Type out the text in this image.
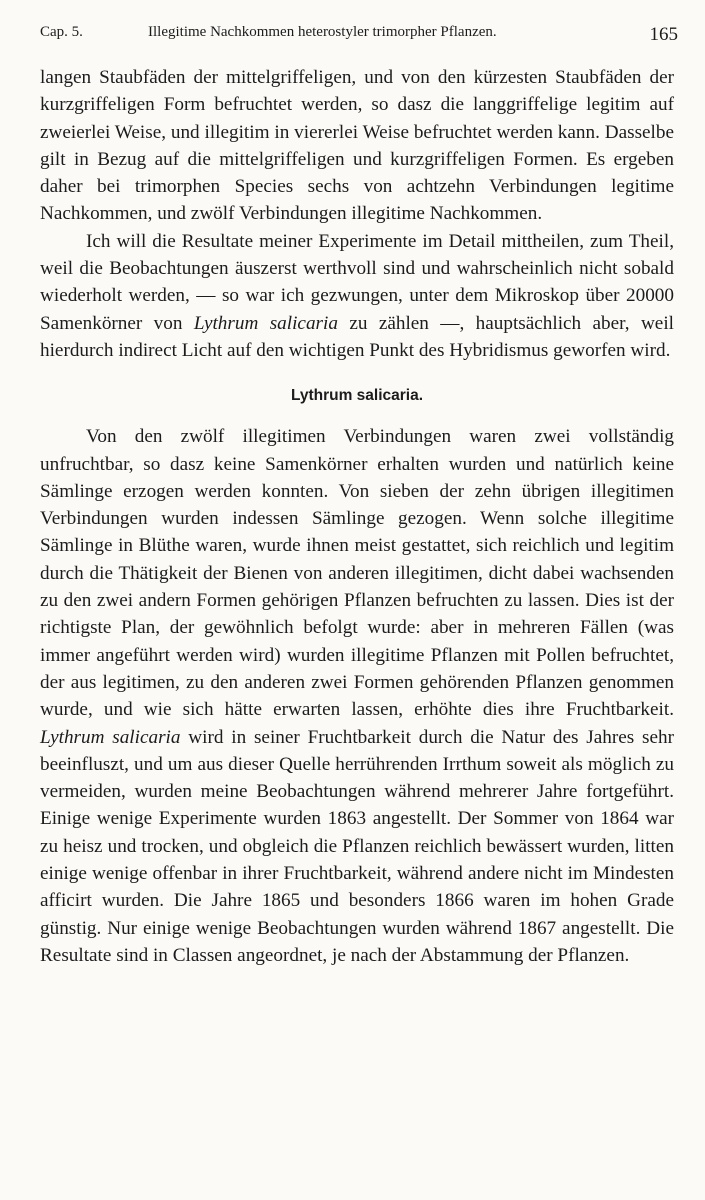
Cap. 5.	Illegitime Nachkommen heterostyler trimorpher Pflanzen.	165

langen Staubfäden der mittelgriffeligen, und von den kürzesten Staubfäden der kurzgriffeligen Form befruchtet werden, so dasz die langgriffelige legitim auf zweierlei Weise, und illegitim in viererlei Weise befruchtet werden kann. Dasselbe gilt in Bezug auf die mittelgriffeligen und kurzgriffeligen Formen. Es ergeben daher bei trimorphen Species sechs von achtzehn Verbindungen legitime Nachkommen, und zwölf Verbindungen illegitime Nachkommen.

Ich will die Resultate meiner Experimente im Detail mittheilen, zum Theil, weil die Beobachtungen äuszerst werthvoll sind und wahrscheinlich nicht sobald wiederholt werden, — so war ich gezwungen, unter dem Mikroskop über 20000 Samenkörner von Lythrum salicaria zu zählen —, hauptsächlich aber, weil hierdurch indirect Licht auf den wichtigen Punkt des Hybridismus geworfen wird.

Lythrum salicaria.

Von den zwölf illegitimen Verbindungen waren zwei vollständig unfruchtbar, so dasz keine Samenkörner erhalten wurden und natürlich keine Sämlinge erzogen werden konnten. Von sieben der zehn übrigen illegitimen Verbindungen wurden indessen Sämlinge gezogen. Wenn solche illegitime Sämlinge in Blüthe waren, wurde ihnen meist gestattet, sich reichlich und legitim durch die Thätigkeit der Bienen von anderen illegitimen, dicht dabei wachsenden zu den zwei andern Formen gehörigen Pflanzen befruchten zu lassen. Dies ist der richtigste Plan, der gewöhnlich befolgt wurde: aber in mehreren Fällen (was immer angeführt werden wird) wurden illegitime Pflanzen mit Pollen befruchtet, der aus legitimen, zu den anderen zwei Formen gehörenden Pflanzen genommen wurde, und wie sich hätte erwarten lassen, erhöhte dies ihre Fruchtbarkeit. Lythrum salicaria wird in seiner Fruchtbarkeit durch die Natur des Jahres sehr beeinfluszt, und um aus dieser Quelle herrührenden Irrthum soweit als möglich zu vermeiden, wurden meine Beobachtungen während mehrerer Jahre fortgeführt. Einige wenige Experimente wurden 1863 angestellt. Der Sommer von 1864 war zu heisz und trocken, und obgleich die Pflanzen reichlich bewässert wurden, litten einige wenige offenbar in ihrer Fruchtbarkeit, während andere nicht im Mindesten afficirt wurden. Die Jahre 1865 und besonders 1866 waren im hohen Grade günstig. Nur einige wenige Beobachtungen wurden während 1867 angestellt. Die Resultate sind in Classen angeordnet, je nach der Abstammung der Pflanzen.
